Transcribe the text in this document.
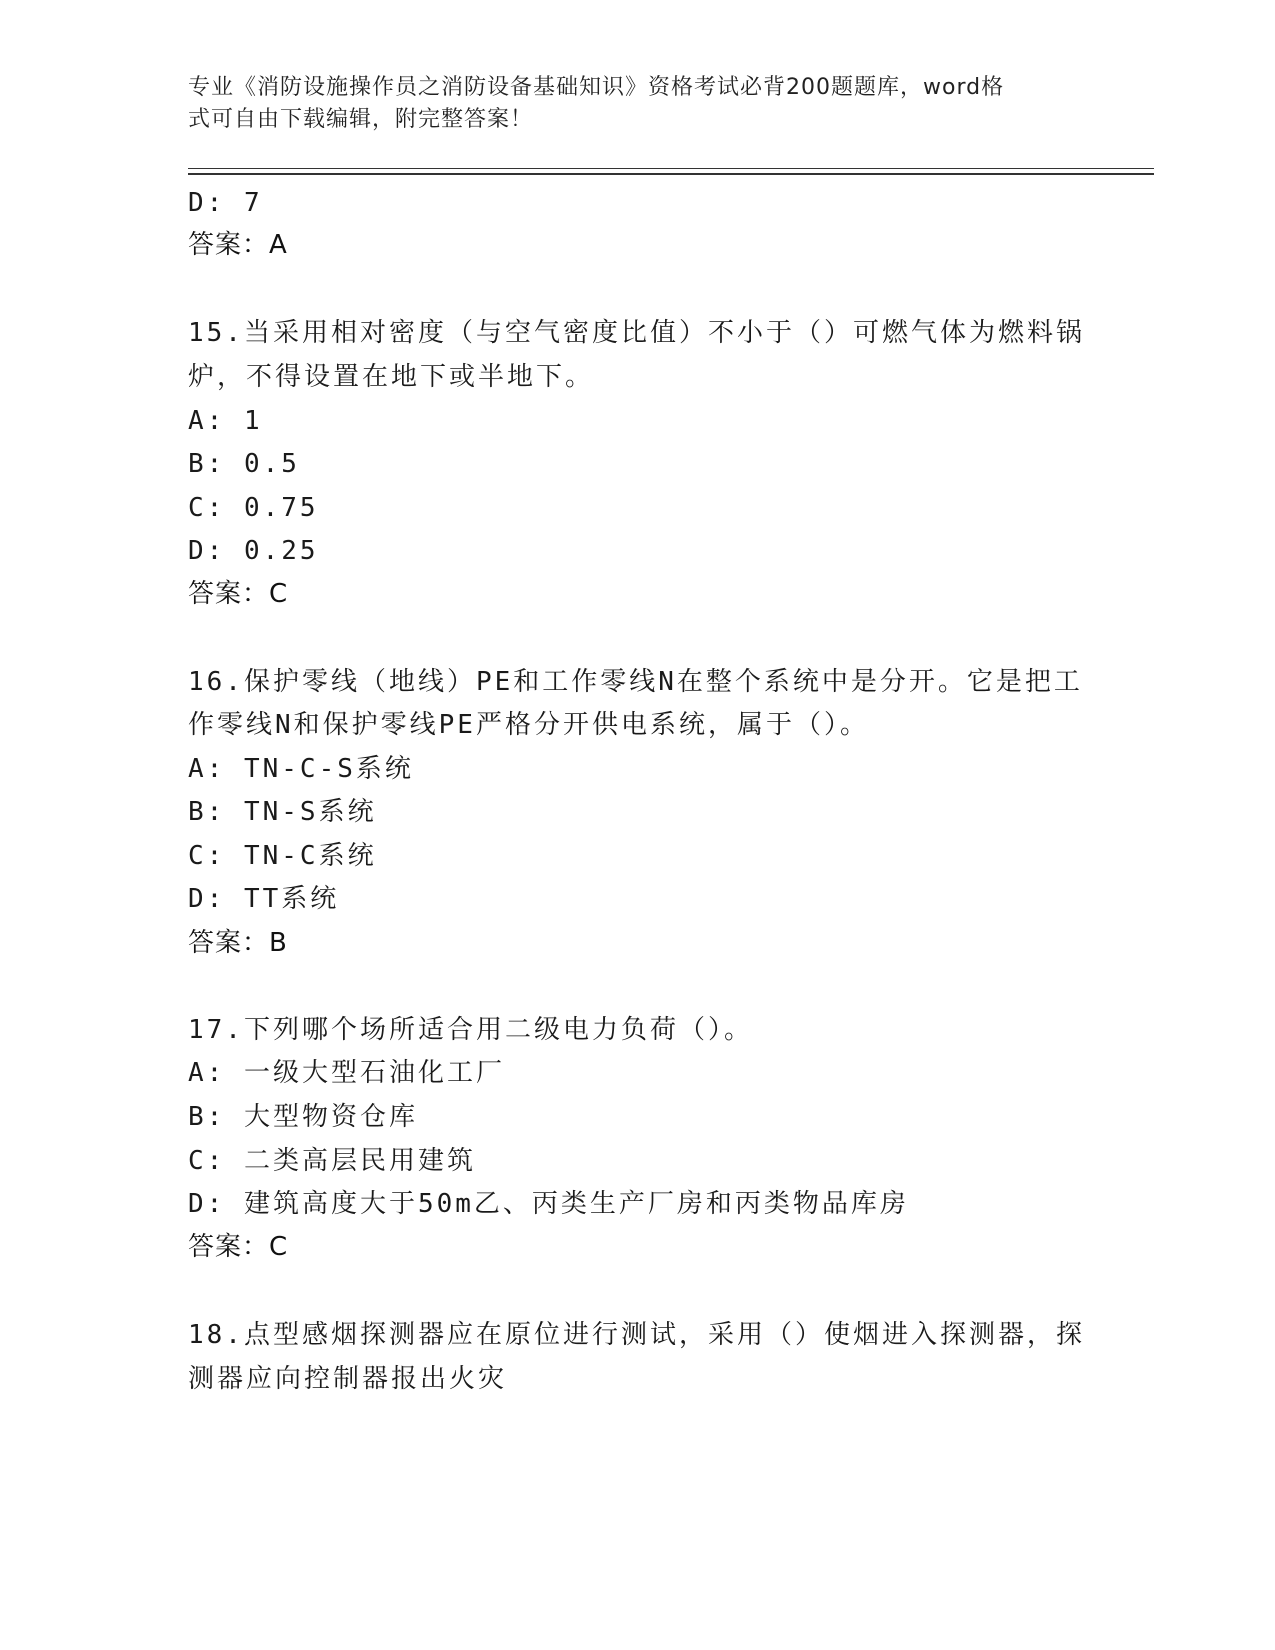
专业《消防设施操作员之消防设备基础知识》资格考试必背200题题库，word格
式可自由下载编辑，附完整答案！
D: 7
答案：A
15.当采用相对密度（与空气密度比值）不小于（）可燃气体为燃料锅
炉，不得设置在地下或半地下。
A: 1
B: 0.5
C: 0.75
D: 0.25
答案：C
16.保护零线（地线）PE和工作零线N在整个系统中是分开。它是把工
作零线N和保护零线PE严格分开供电系统，属于（）。
A: TN-C-S系统
B: TN-S系统
C: TN-C系统
D: TT系统
答案：B
17.下列哪个场所适合用二级电力负荷（）。
A: 一级大型石油化工厂
B: 大型物资仓库
C: 二类高层民用建筑
D: 建筑高度大于50m乙、丙类生产厂房和丙类物品库房
答案：C
18.点型感烟探测器应在原位进行测试，采用（）使烟进入探测器，探
测器应向控制器报出火灾
